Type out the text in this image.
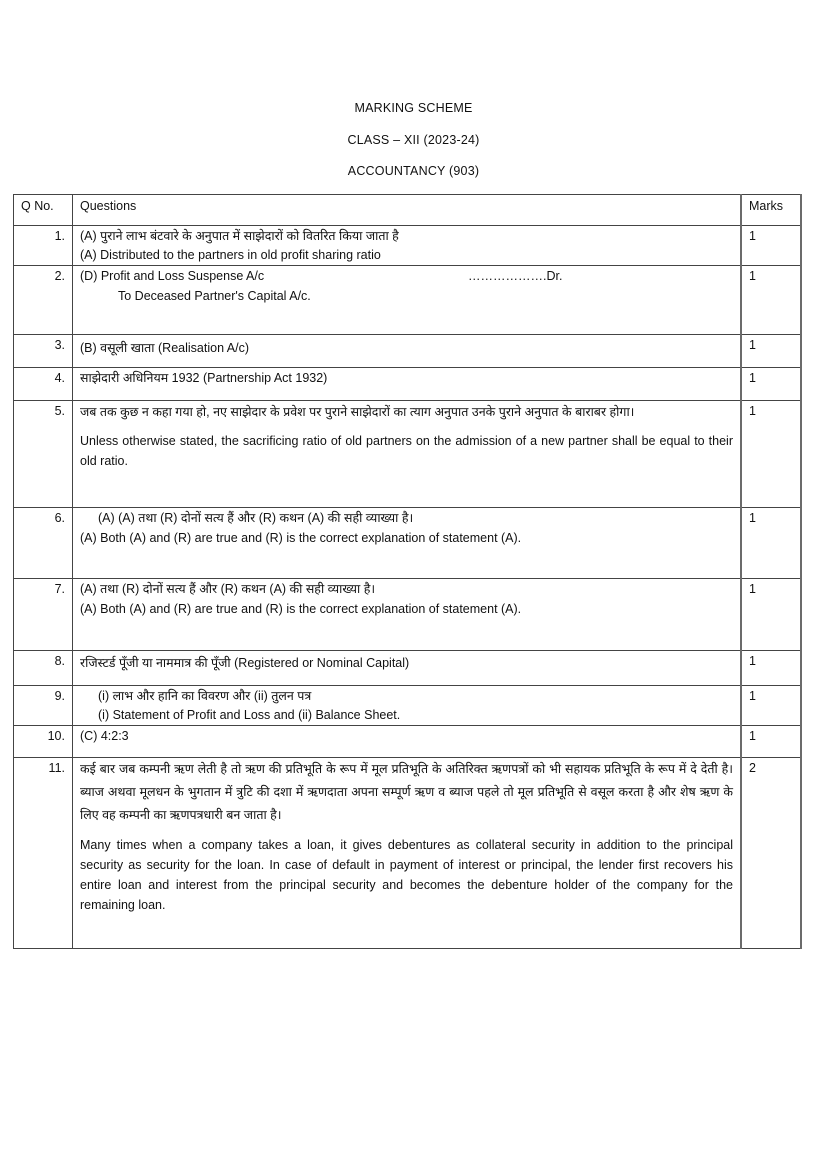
MARKING SCHEME
CLASS – XII (2023-24)
ACCOUNTANCY (903)
Q No.	Questions	Marks
1.	(A) पुराने लाभ बंटवारे के अनुपात में साझेदारों को वितरित किया जाता है
(A) Distributed to the partners in old profit sharing ratio	1
2.	(D) Profit and Loss Suspense A/c ……………….Dr.
To Deceased Partner's Capital A/c.	1
3.	(B) वसूली खाता (Realisation A/c)	1
4.	साझेदारी अधिनियम 1932 (Partnership Act 1932)	1
5.	जब तक कुछ न कहा गया हो, नए साझेदार के प्रवेश पर पुराने साझेदारों का त्याग अनुपात उनके पुराने अनुपात के बाराबर होगा।
Unless otherwise stated, the sacrificing ratio of old partners on the admission of a new partner shall be equal to their old ratio.	1
6.	(A) (A) तथा (R) दोनों सत्य हैं और (R) कथन (A) की सही व्याख्या है।
(A) Both (A) and (R) are true and (R) is the correct explanation of statement (A).	1
7.	(A) तथा (R) दोनों सत्य हैं और (R) कथन (A) की सही व्याख्या है।
(A) Both (A) and (R) are true and (R) is the correct explanation of statement (A).	1
8.	रजिस्टर्ड पूँजी या नाममात्र की पूँजी (Registered or Nominal Capital)	1
9.	(i) लाभ और हानि का विवरण और (ii) तुलन पत्र
(i) Statement of Profit and Loss and (ii) Balance Sheet.	1
10.	(C) 4:2:3	1
11.	कई बार जब कम्पनी ऋण लेती है तो ऋण की प्रतिभूति के रूप में मूल प्रतिभूति के अतिरिक्त ऋणपत्रों को भी सहायक प्रतिभूति के रूप में दे देती है। ब्याज अथवा मूलधन के भुगतान में त्रुटि की दशा में ऋणदाता अपना सम्पूर्ण ऋण व ब्याज पहले तो मूल प्रतिभूति से वसूल करता है और शेष ऋण के लिए वह कम्पनी का ऋणपत्रधारी बन जाता है।
Many times when a company takes a loan, it gives debentures as collateral security in addition to the principal security as security for the loan. In case of default in payment of interest or principal, the lender first recovers his entire loan and interest from the principal security and becomes the debenture holder of the company for the remaining loan.	2
